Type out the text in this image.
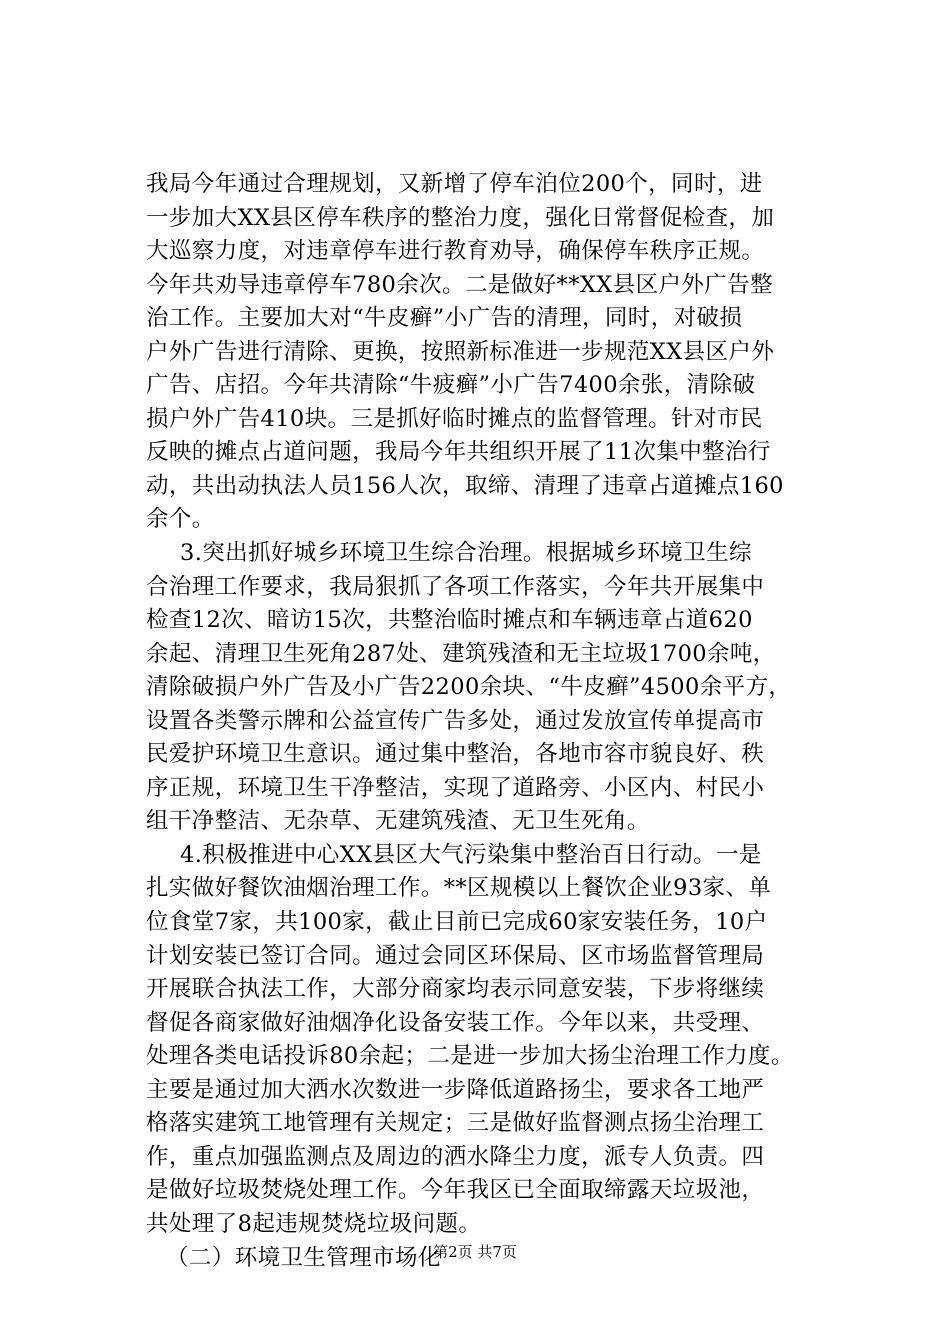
我局今年通过合理规划，又新增了停车泊位200个，同时，进
一步加大XX县区停车秩序的整治力度，强化日常督促检查，加
大巡察力度，对违章停车进行教育劝导，确保停车秩序正规。
今年共劝导违章停车780余次。二是做好**XX县区户外广告整
治工作。主要加大对“牛皮癣”小广告的清理，同时，对破损
户外广告进行清除、更换，按照新标准进一步规范XX县区户外
广告、店招。今年共清除“牛疲癣”小广告7400余张，清除破
损户外广告410块。三是抓好临时摊点的监督管理。针对市民
反映的摊点占道问题，我局今年共组织开展了11次集中整治行
动，共出动执法人员156人次，取缔、清理了违章占道摊点160
余个。
3.突出抓好城乡环境卫生综合治理。根据城乡环境卫生综
合治理工作要求，我局狠抓了各项工作落实，今年共开展集中
检查12次、暗访15次，共整治临时摊点和车辆违章占道620
余起、清理卫生死角287处、建筑残渣和无主垃圾1700余吨，
清除破损户外广告及小广告2200余块、“牛皮癣”4500余平方，
设置各类警示牌和公益宣传广告多处，通过发放宣传单提高市
民爱护环境卫生意识。通过集中整治，各地市容市貌良好、秩
序正规，环境卫生干净整洁，实现了道路旁、小区内、村民小
组干净整洁、无杂草、无建筑残渣、无卫生死角。
4.积极推进中心XX县区大气污染集中整治百日行动。一是
扎实做好餐饮油烟治理工作。**区规模以上餐饮企业93家、单
位食堂7家，共100家，截止目前已完成60家安装任务，10户
计划安装已签订合同。通过会同区环保局、区市场监督管理局
开展联合执法工作，大部分商家均表示同意安装，下步将继续
督促各商家做好油烟净化设备安装工作。今年以来，共受理、
处理各类电话投诉80余起；二是进一步加大扬尘治理工作力度。
主要是通过加大洒水次数进一步降低道路扬尘，要求各工地严
格落实建筑工地管理有关规定；三是做好监督测点扬尘治理工
作，重点加强监测点及周边的洒水降尘力度，派专人负责。四
是做好垃圾焚烧处理工作。今年我区已全面取缔露天垃圾池，
共处理了8起违规焚烧垃圾问题。
（二）环境卫生管理市场化
第2页 共7页
